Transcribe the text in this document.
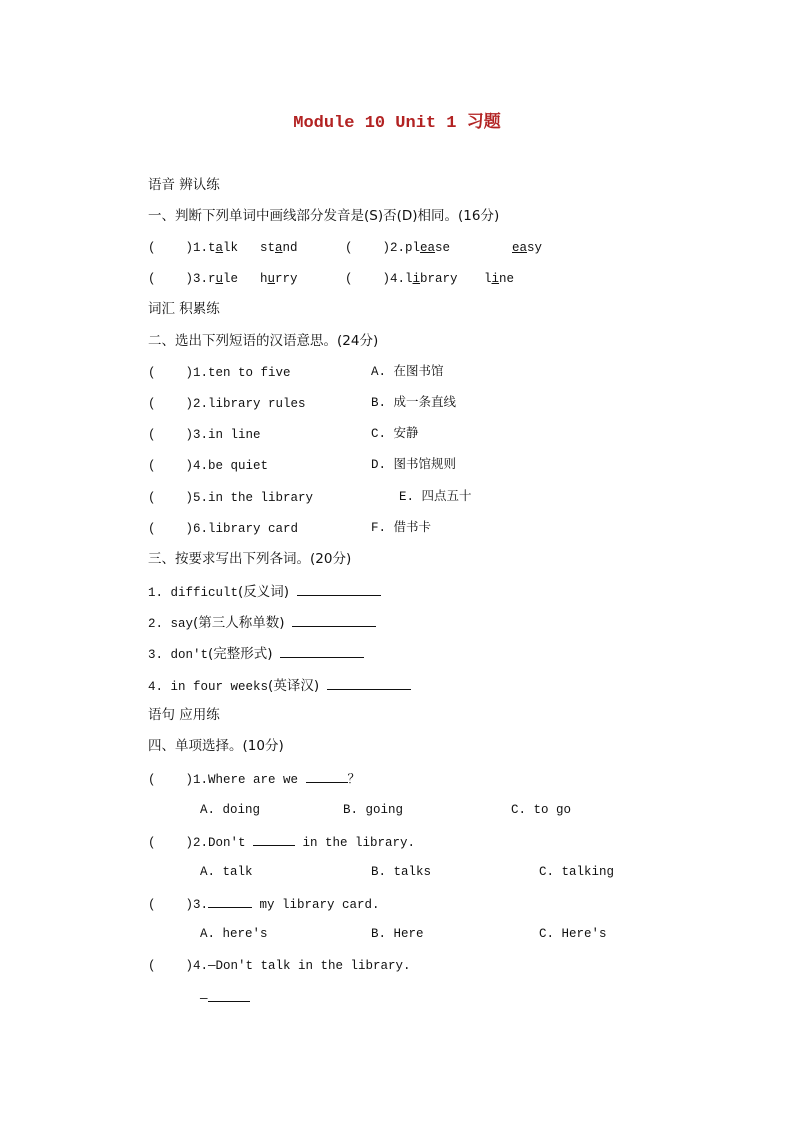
Module 10 Unit 1 习题
语音 辨认练
一、判断下列单词中画线部分发音是(S)否(D)相同。(16分)
(    )1.talk stand	(    )2.please	easy
(    )3.rule hurry	(    )4.library line
词汇 积累练
二、选出下列短语的汉语意思。(24分)
(    )1.ten to five	A. 在图书馆
(    )2.library rules	B. 成一条直线
(    )3.in line	C. 安静
(    )4.be quiet	D. 图书馆规则
(    )5.in the library	E. 四点五十
(    )6.library card	F. 借书卡
三、按要求写出下列各词。(20分)
1. difficult(反义词)
2. say(第三人称单数)
3. don't(完整形式)
4. in four weeks(英译汉)
语句 应用练
四、单项选择。(10分)
(    )1.Where are we	？
A. doing	B. going	C. to go
(    )2.Don't	in the library.
A. talk	B. talks	C. talking
(    )3.	my library card.
A. here's	B. Here	C. Here's
(    )4.—Don't talk in the library.
—
